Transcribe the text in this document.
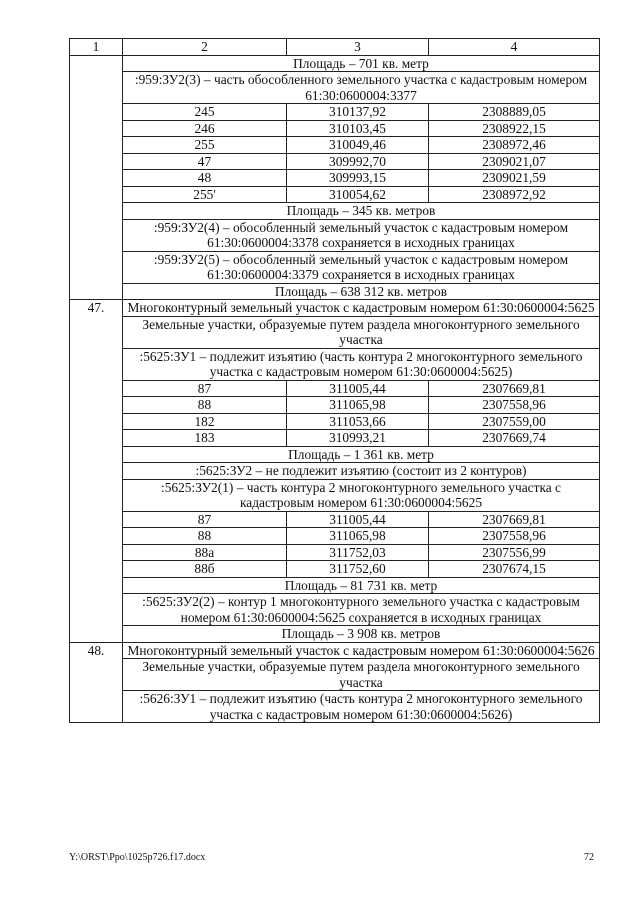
1	2	3	4
	Площадь – 701 кв. метр		
	:959:ЗУ2(3) – часть обособленного земельного участка с кадастровым номером 61:30:0600004:3377		
	245	310137,92	2308889,05
	246	310103,45	2308922,15
	255	310049,46	2308972,46
	47	309992,70	2309021,07
	48	309993,15	2309021,59
	255'	310054,62	2308972,92
	Площадь – 345 кв. метров		
	:959:ЗУ2(4) – обособленный земельный участок с кадастровым номером 61:30:0600004:3378 сохраняется в исходных границах		
	:959:ЗУ2(5) – обособленный земельный участок с кадастровым номером 61:30:0600004:3379 сохраняется в исходных границах		
	Площадь – 638 312 кв. метров		
47.	Многоконтурный земельный участок с кадастровым номером 61:30:0600004:5625		
	Земельные участки, образуемые путем раздела многоконтурного земельного участка		
	:5625:ЗУ1 – подлежит изъятию (часть контура 2 многоконтурного земельного участка с кадастровым номером 61:30:0600004:5625)		
	87	311005,44	2307669,81
	88	311065,98	2307558,96
	182	311053,66	2307559,00
	183	310993,21	2307669,74
	Площадь – 1 361 кв. метр		
	:5625:ЗУ2 – не подлежит изъятию (состоит из 2 контуров)		
	:5625:ЗУ2(1) – часть контура 2 многоконтурного земельного участка с кадастровым номером 61:30:0600004:5625		
	87	311005,44	2307669,81
	88	311065,98	2307558,96
	88а	311752,03	2307556,99
	88б	311752,60	2307674,15
	Площадь – 81 731 кв. метр		
	:5625:ЗУ2(2) – контур 1 многоконтурного земельного участка с кадастровым номером 61:30:0600004:5625 сохраняется в исходных границах		
	Площадь – 3 908 кв. метров		
48.	Многоконтурный земельный участок с кадастровым номером 61:30:0600004:5626		
	Земельные участки, образуемые путем раздела многоконтурного земельного участка		
	:5626:ЗУ1 – подлежит изъятию (часть контура 2 многоконтурного земельного участка с кадастровым номером 61:30:0600004:5626)		
Y:\ORST\Ppo\1025p726.f17.docx	72
